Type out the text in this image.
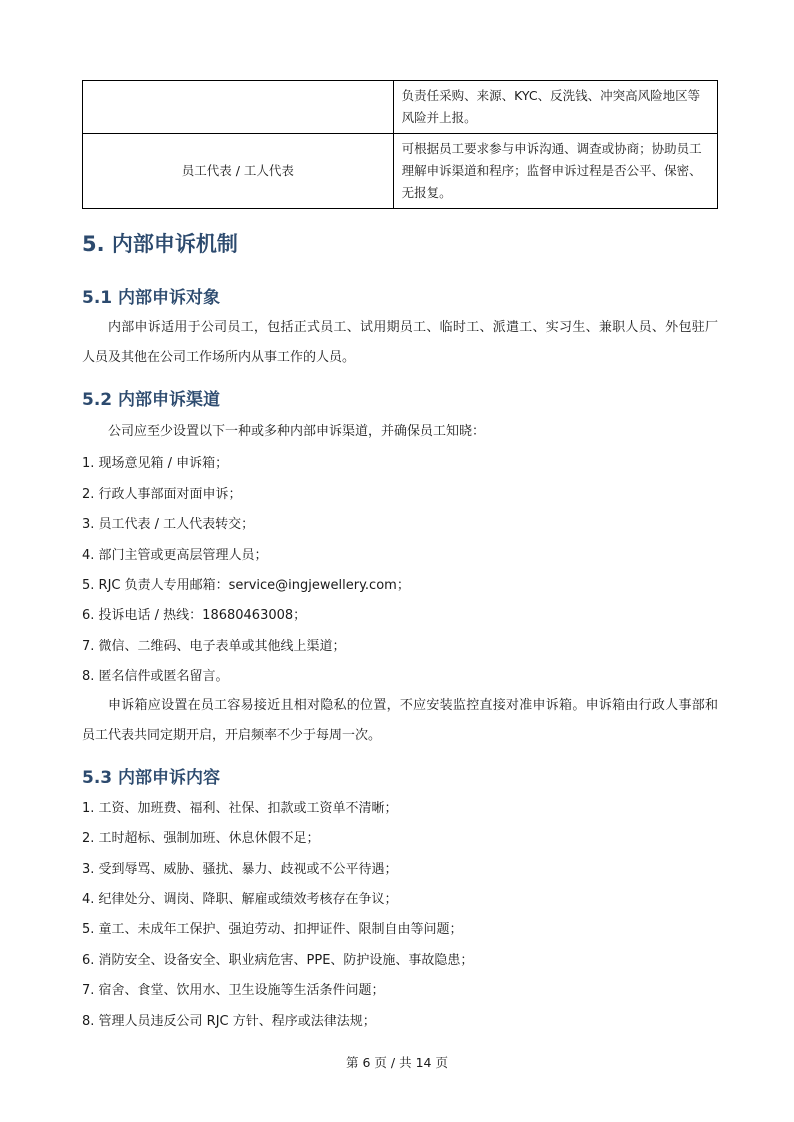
	负责任采购、来源、KYC、反洗钱、冲突高风险地区等风险并上报。
员工代表 / 工人代表	可根据员工要求参与申诉沟通、调查或协商；协助员工理解申诉渠道和程序；监督申诉过程是否公平、保密、无报复。
5. 内部申诉机制
5.1 内部申诉对象

内部申诉适用于公司员工，包括正式员工、试用期员工、临时工、派遣工、实习生、兼职人员、外包驻厂人员及其他在公司工作场所内从事工作的人员。

5.2 内部申诉渠道

公司应至少设置以下一种或多种内部申诉渠道，并确保员工知晓：

1. 现场意见箱 / 申诉箱；

2. 行政人事部面对面申诉；

3. 员工代表 / 工人代表转交；

4. 部门主管或更高层管理人员；

5. RJC 负责人专用邮箱：service@ingjewellery.com；

6. 投诉电话 / 热线：18680463008；

7. 微信、二维码、电子表单或其他线上渠道；

8. 匿名信件或匿名留言。

申诉箱应设置在员工容易接近且相对隐私的位置，不应安装监控直接对准申诉箱。申诉箱由行政人事部和员工代表共同定期开启，开启频率不少于每周一次。

5.3 内部申诉内容

1. 工资、加班费、福利、社保、扣款或工资单不清晰；

2. 工时超标、强制加班、休息休假不足；

3. 受到辱骂、威胁、骚扰、暴力、歧视或不公平待遇；

4. 纪律处分、调岗、降职、解雇或绩效考核存在争议；

5. 童工、未成年工保护、强迫劳动、扣押证件、限制自由等问题；

6. 消防安全、设备安全、职业病危害、PPE、防护设施、事故隐患；

7. 宿舍、食堂、饮用水、卫生设施等生活条件问题；

8. 管理人员违反公司 RJC 方针、程序或法律法规；

第 6 页 / 共 14 页
